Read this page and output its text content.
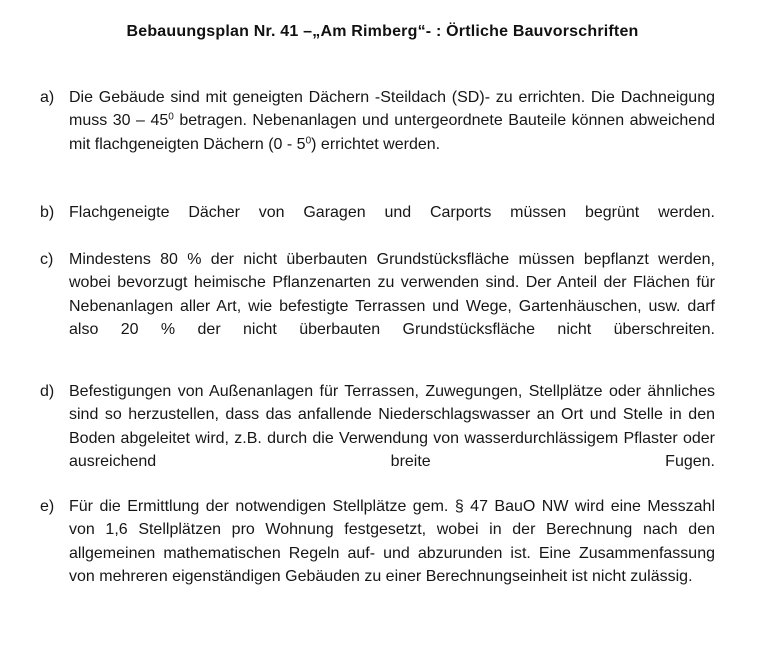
Bebauungsplan Nr. 41 –„Am Rimberg“- : Örtliche Bauvorschriften
a) Die Gebäude sind mit geneigten Dächern -Steildach (SD)- zu errichten. Die Dachneigung muss $30 - 45^0$ betragen. Nebenanlagen und untergeordnete Bauteile können abweichend mit flachgeneigten Dächern $(0 - 5^0)$ errichtet werden.
b) Flachgeneigte Dächer von Garagen und Carports müssen begrünt werden.
c) Mindestens 80 % der nicht überbauten Grundstücksfläche müssen bepflanzt werden, wobei bevorzugt heimische Pflanzenarten zu verwenden sind. Der Anteil der Flächen für Nebenanlagen aller Art, wie befestigte Terrassen und Wege, Gartenhäuschen, usw. darf also 20 % der nicht überbauten Grundstücksfläche nicht überschreiten.
d) Befestigungen von Außenanlagen für Terrassen, Zuwegungen, Stellplätze oder ähnliches sind so herzustellen, dass das anfallende Niederschlagswasser an Ort und Stelle in den Boden abgeleitet wird, z.B. durch die Verwendung von wasserdurchlässigem Pflaster oder ausreichend breite Fugen.
e) Für die Ermittlung der notwendigen Stellplätze gem. § 47 BauO NW wird eine Messzahl von 1,6 Stellplätzen pro Wohnung festgesetzt, wobei in der Berechnung nach den allgemeinen mathematischen Regeln auf- und abzurunden ist. Eine Zusammenfassung von mehreren eigenständigen Gebäuden zu einer Berechnungseinheit ist nicht zulässig.
